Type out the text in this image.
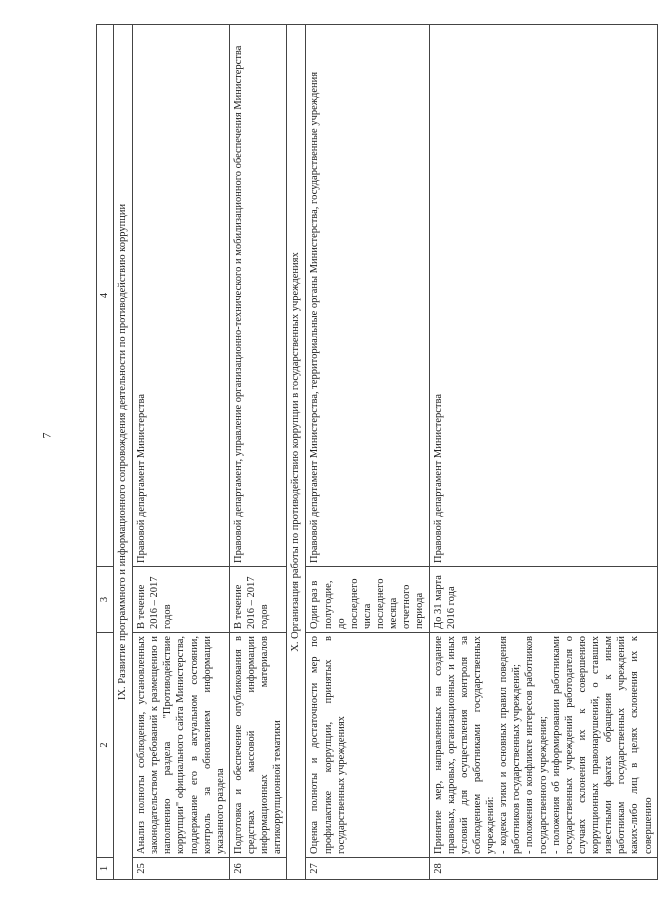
7
1	2	3	4
IX. Развитие программного и информационного сопровождения деятельности по противодействию коррупции			
25	Анализ полноты соблюдения, установленных законодательством требований к размещению и наполнению раздела "Противодействие коррупции" официального сайта Министерства, поддержание его в актуальном состоянии, контроль за обновлением информации указанного раздела	В течение 2016 – 2017 годов	Правовой департамент Министерства
26	Подготовка и обеспечение опубликования в средствах массовой информации информационных материалов антикоррупционной тематики	В течение 2016 – 2017 годов	Правовой департамент, управление организационно-технического и мобилизационного обеспечения Министерства
X. Организация работы по противодействию коррупции в государственных учреждениях			
27	Оценка полноты и достаточности мер по профилактике коррупции, принятых в государственных учреждениях	Один раз в полугодие, до последнего числа последнего месяца отчетного периода	Правовой департамент Министерства, территориальные органы Министерства, государственные учреждения
28	Принятие мер, направленных на создание правовых, кадровых, организационных и иных условий для осуществления контроля за соблюдением работниками государственных учреждений: - кодекса этики и основных правил поведения работников государственных учреждений; - положения о конфликте интересов работников государственного учреждения; - положения об информировании работниками государственных учреждений работодателя о случаях склонения их к совершению коррупционных правонарушений, о ставших известными фактах обращения к иным работникам государственных учреждений каких-либо лиц в целях склонения их к совершению	До 31 марта 2016 года	Правовой департамент Министерства
